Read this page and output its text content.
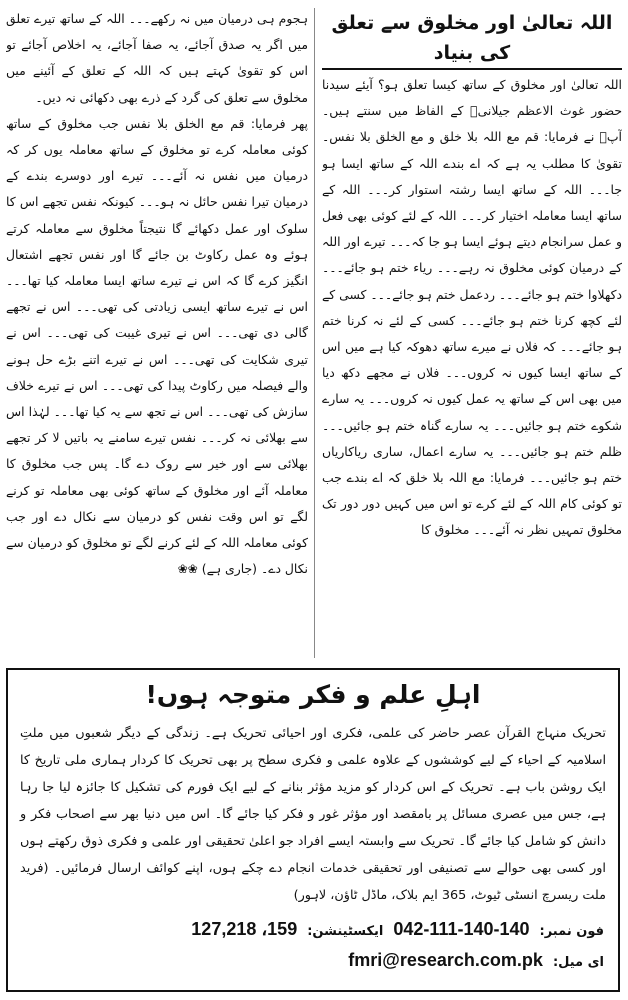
اللہ تعالیٰ اور مخلوق سے تعلق کی بنیاد

اللہ تعالیٰ اور مخلوق کے ساتھ کیسا تعلق ہو؟ آیئے سیدنا حضور غوث الاعظم جیلانیؓ کے الفاظ میں سنتے ہیں۔ آپؓ نے فرمایا: قم مع اللہ بلا خلق و مع الخلق بلا نفس۔ تقویٰ کا مطلب یہ ہے کہ اے بندے اللہ کے ساتھ ایسا ہو جا۔۔۔ اللہ کے ساتھ ایسا رشتہ استوار کر۔۔۔ اللہ کے ساتھ ایسا معاملہ اختیار کر۔۔۔ اللہ کے لئے کوئی بھی فعل و عمل سرانجام دیتے ہوئے ایسا ہو جا کہ۔۔۔ تیرے اور اللہ کے درمیان کوئی مخلوق نہ رہے۔۔۔ ریاء ختم ہو جائے۔۔۔ دکھلاوا ختم ہو جائے۔۔۔ ردعمل ختم ہو جائے۔۔۔ کسی کے لئے کچھ کرنا ختم ہو جائے۔۔۔ کسی کے لئے نہ کرنا ختم ہو جائے۔۔۔ کہ فلاں نے میرے ساتھ دھوکہ کیا ہے میں اس کے ساتھ ایسا کیوں نہ کروں۔۔۔ فلاں نے مجھے دکھ دیا میں بھی اس کے ساتھ یہ عمل کیوں نہ کروں۔۔۔ یہ سارے شکوے ختم ہو جائیں۔۔۔ یہ سارے گناہ ختم ہو جائیں۔۔۔ ظلم ختم ہو جائیں۔۔۔ یہ سارے اعمال، ساری ریاکاریاں ختم ہو جائیں۔۔۔ فرمایا: مع اللہ بلا خلق کہ اے بندے جب تو کوئی کام اللہ کے لئے کرے تو اس میں کہیں دور دور تک مخلوق تمہیں نظر نہ آئے۔۔۔ مخلوق کا

ہجوم ہی درمیان میں نہ رکھے۔۔۔ اللہ کے ساتھ تیرے تعلق میں اگر یہ صدق آجائے، یہ صفا آجائے، یہ اخلاص آجائے تو اس کو تقویٰ کہتے ہیں کہ اللہ کے تعلق کے آئینے میں مخلوق سے تعلق کی گرد کے ذرے بھی دکھائی نہ دیں۔

پھر فرمایا: قم مع الخلق بلا نفس جب مخلوق کے ساتھ کوئی معاملہ کرے تو مخلوق کے ساتھ معاملہ یوں کر کہ درمیان میں نفس نہ آئے۔۔۔ تیرے اور دوسرے بندے کے درمیان تیرا نفس حائل نہ ہو۔۔۔ کیونکہ نفس تجھے اس کا سلوک اور عمل دکھائے گا نتیجتاً مخلوق سے معاملہ کرتے ہوئے وہ عمل رکاوٹ بن جائے گا اور نفس تجھے اشتعال انگیز کرے گا کہ اس نے تیرے ساتھ ایسا معاملہ کیا تھا۔۔۔ اس نے تیرے ساتھ ایسی زیادتی کی تھی۔۔۔ اس نے تجھے گالی دی تھی۔۔۔ اس نے تیری غیبت کی تھی۔۔۔ اس نے تیری شکایت کی تھی۔۔۔ اس نے تیرے اتنے بڑے حل ہونے والے فیصلہ میں رکاوٹ پیدا کی تھی۔۔۔ اس نے تیرے خلاف سازش کی تھی۔۔۔ اس نے تجھ سے یہ کیا تھا۔۔۔ لہٰذا اس سے بھلائی نہ کر۔۔۔ نفس تیرے سامنے یہ باتیں لا کر تجھے بھلائی سے اور خیر سے روک دے گا۔ پس جب مخلوق کا معاملہ آئے اور مخلوق کے ساتھ کوئی بھی معاملہ تو کرنے لگے تو اس وقت نفس کو درمیان سے نکال دے اور جب کوئی معاملہ اللہ کے لئے کرنے لگے تو مخلوق کو درمیان سے نکال دے۔ (جاری ہے) ❀❀

اہلِ علم و فکر متوجہ ہوں!
تحریک منہاج القرآن عصر حاضر کی علمی، فکری اور احیائی تحریک ہے۔ زندگی کے دیگر شعبوں میں ملتِ اسلامیہ کے احیاء کے لیے کوششوں کے علاوہ علمی و فکری سطح پر بھی تحریک کا کردار ہماری ملی تاریخ کا ایک روشن باب ہے۔ تحریک کے اس کردار کو مزید مؤثر بنانے کے لیے ایک فورم کی تشکیل کا جائزہ لیا جا رہا ہے، جس میں عصری مسائل پر بامقصد اور مؤثر غور و فکر کیا جائے گا۔ اس میں دنیا بھر سے اصحاب فکر و دانش کو شامل کیا جائے گا۔ تحریک سے وابستہ ایسے افراد جو اعلیٰ تحقیقی اور علمی و فکری ذوق رکھتے ہوں اور کسی بھی حوالے سے تصنیفی اور تحقیقی خدمات انجام دے چکے ہوں، اپنے کوائف ارسال فرمائیں۔ (فرید ملت ریسرچ انسٹی ٹیوٹ، 365 ایم بلاک، ماڈل ٹاؤن، لاہور)
فون نمبر:
042-111-140-140
ایکسٹینشن:
127,218 ،159
ای میل:
fmri@research.com.pk
